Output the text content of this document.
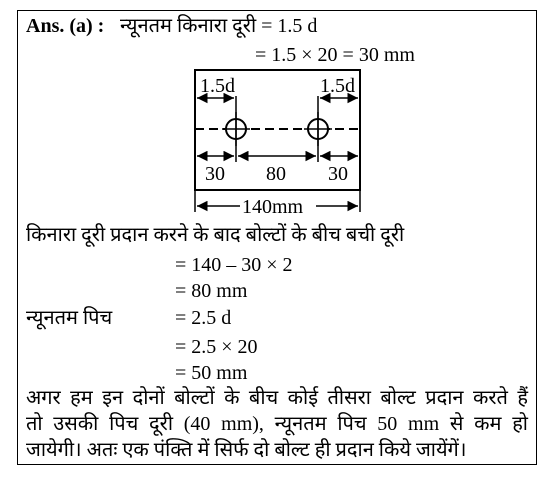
Ans. (a) : न्यूनतम किनारा दूरी = 1.5 d
= 1.5 × 20 = 30 mm
1.5d	1.5d
30 80 30
140mm
किनारा दूरी प्रदान करने के बाद बोल्टों के बीच बची दूरी
= 140 – 30 × 2
= 80 mm
न्यूनतम पिच	= 2.5 d
= 2.5 × 20
= 50 mm
अगर हम इन दोनों बोल्टों के बीच कोई तीसरा बोल्ट प्रदान करते हैं
तो उसकी पिच दूरी (40 mm), न्यूनतम पिच 50 mm से कम हो
जायेगी। अतः एक पंक्ति में सिर्फ दो बोल्ट ही प्रदान किये जायेंगें।
